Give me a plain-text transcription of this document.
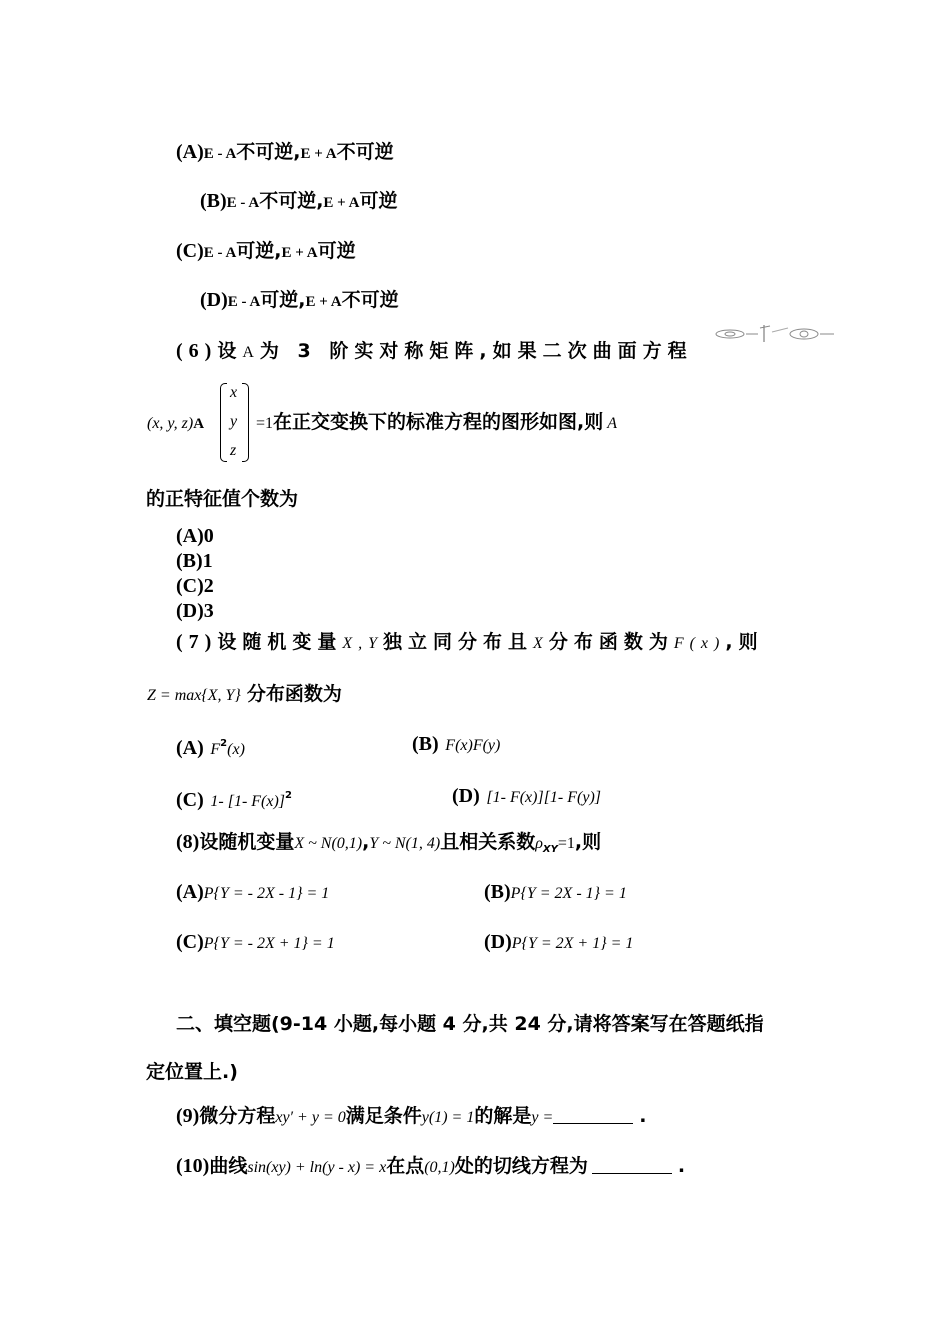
(A)E - A不可逆,E + A不可逆
(B)E - A不可逆,E + A可逆
(C)E - A可逆,E + A可逆
(D)E - A可逆,E + A不可逆
(6)设A为 3 阶实对称矩阵,如果二次曲面方程
(x, y, z)A
x
y
z
=1在正交变换下的标准方程的图形如图,则 A
的正特征值个数为
(A)0
(B)1
(C)2
(D)3
(7)设随机变量X,Y独立同分布且X分布函数为F(x),则
Z = max{X, Y} 分布函数为
(A) $F^2(x)$	(B) F(x)F(y)
(C) 1- [1- F(x)]$^2$	(D) [1- F(x)][1- F(y)]
(8)设随机变量X ~ N(0,1),Y ~ N(1, 4)且相关系数$\rho_{XY}=1$,则
(A)P{Y = - 2X - 1} = 1	(B)P{Y = 2X - 1} = 1
(C)P{Y = - 2X + 1} = 1	(D)P{Y = 2X + 1} = 1
二、填空题(9-14 小题,每小题 4 分,共 24 分,请将答案写在答题纸指
定位置上.)
(9)微分方程xy′ + y = 0满足条件y(1) = 1的解是y =	.
(10)曲线sin(xy) + ln(y - x) = x在点(0,1)处的切线方程为	.
